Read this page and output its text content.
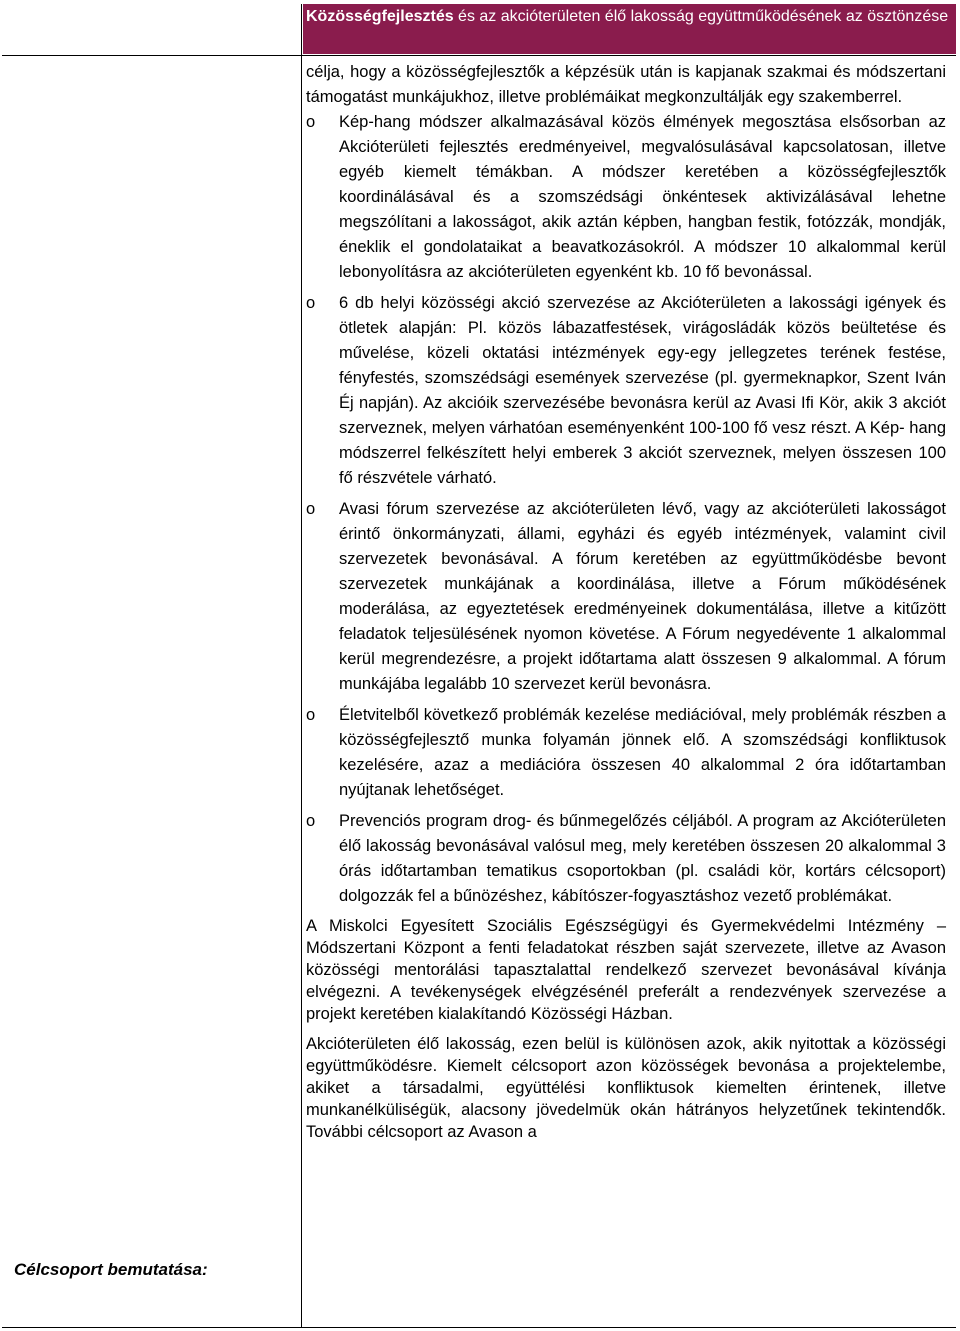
Közösségfejlesztés és az akcióterületen élő lakosság együttműködésének az ösztönzése
Célcsoport bemutatása:

célja, hogy a közösségfejlesztők a képzésük után is kapjanak szakmai és módszertani támogatást munkájukhoz, illetve problémáikat megkonzultálják egy szakemberrel.

o Kép-hang módszer alkalmazásával közös élmények megosztása elsősorban az Akcióterületi fejlesztés eredményeivel, megvalósulásával kapcsolatosan, illetve egyéb kiemelt témákban. A módszer keretében a közösségfejlesztők koordinálásával és a szomszédsági önkéntesek aktivizálásával lehetne megszólítani a lakosságot, akik aztán képben, hangban festik, fotózzák, mondják, éneklik el gondolataikat a beavatkozásokról. A módszer 10 alkalommal kerül lebonyolításra az akcióterületen egyenként kb. 10 fő bevonással.
o 6 db helyi közösségi akció szervezése az Akcióterületen a lakossági igények és ötletek alapján: Pl. közös lábazatfestések, virágosládák közös beültetése és művelése, közeli oktatási intézmények egy-egy jellegzetes terének festése, fényfestés, szomszédsági események szervezése (pl. gyermeknapkor, Szent Iván Éj napján). Az akcióik szervezésébe bevonásra kerül az Avasi Ifi Kör, akik 3 akciót szerveznek, melyen várhatóan eseményenként 100-100 fő vesz részt. A Kép- hang módszerrel felkészített helyi emberek 3 akciót szerveznek, melyen összesen 100 fő részvétele várható.
o Avasi fórum szervezése az akcióterületen lévő, vagy az akcióterületi lakosságot érintő önkormányzati, állami, egyházi és egyéb intézmények, valamint civil szervezetek bevonásával. A fórum keretében az együttműködésbe bevont szervezetek munkájának a koordinálása, illetve a Fórum működésének moderálása, az egyeztetések eredményeinek dokumentálása, illetve a kitűzött feladatok teljesülésének nyomon követése. A Fórum negyedévente 1 alkalommal kerül megrendezésre, a projekt időtartama alatt összesen 9 alkalommal. A fórum munkájába legalább 10 szervezet kerül bevonásra.
o Életvitelből következő problémák kezelése mediációval, mely problémák részben a közösségfejlesztő munka folyamán jönnek elő. A szomszédsági konfliktusok kezelésére, azaz a mediációra összesen 40 alkalommal 2 óra időtartamban nyújtanak lehetőséget.
o Prevenciós program drog- és bűnmegelőzés céljából. A program az Akcióterületen élő lakosság bevonásával valósul meg, mely keretében összesen 20 alkalommal 3 órás időtartamban tematikus csoportokban (pl. családi kör, kortárs célcsoport) dolgozzák fel a bűnözéshez, kábítószer-fogyasztáshoz vezető problémákat.

A Miskolci Egyesített Szociális Egészségügyi és Gyermekvédelmi Intézmény – Módszertani Központ a fenti feladatokat részben saját szervezete, illetve az Avason közösségi mentorálási tapasztalattal rendelkező szervezet bevonásával kívánja elvégezni. A tevékenységek elvégzésénél preferált a rendezvények szervezése a projekt keretében kialakítandó Közösségi Házban.

Akcióterületen élő lakosság, ezen belül is különösen azok, akik nyitottak a közösségi együttműködésre. Kiemelt célcsoport azon közösségek bevonása a projektelembe, akiket a társadalmi, együttélési konfliktusok kiemelten érintenek, illetve munkanélküliségük, alacsony jövedelmük okán hátrányos helyzetűnek tekintendők. További célcsoport az Avason a
